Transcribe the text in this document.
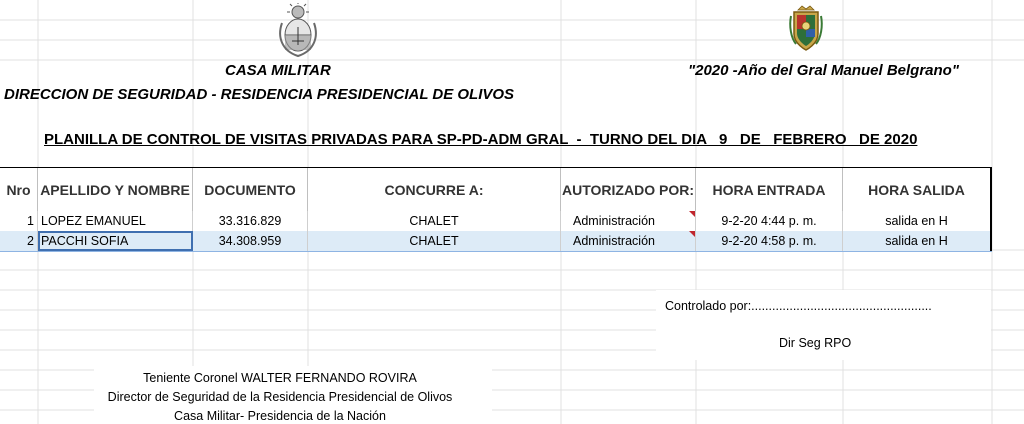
CASA MILITAR
DIRECCION DE SEGURIDAD - RESIDENCIA PRESIDENCIAL DE OLIVOS
"2020 -Año del Gral Manuel Belgrano"
PLANILLA DE CONTROL DE VISITAS PRIVADAS PARA SP-PD-ADM GRAL  -  TURNO DEL DIA   9   DE   FEBRERO   DE 2020
Nro APELLIDO Y NOMBRE	DOCUMENTO	CONCURRE A:	AUTORIZADO POR:	HORA ENTRADA	HORA SALIDA
1 LOPEZ EMANUEL	33.316.829	CHALET	Administración	9-2-20 4:44 p. m.	salida en H
2 PACCHI SOFIA	34.308.959	CHALET	Administración	9-2-20 4:58 p. m.	salida en H
Controlado por:....................................................
Dir Seg RPO
Teniente Coronel WALTER FERNANDO ROVIRA
Director de Seguridad de la Residencia Presidencial de Olivos
Casa Militar- Presidencia de la Nación
